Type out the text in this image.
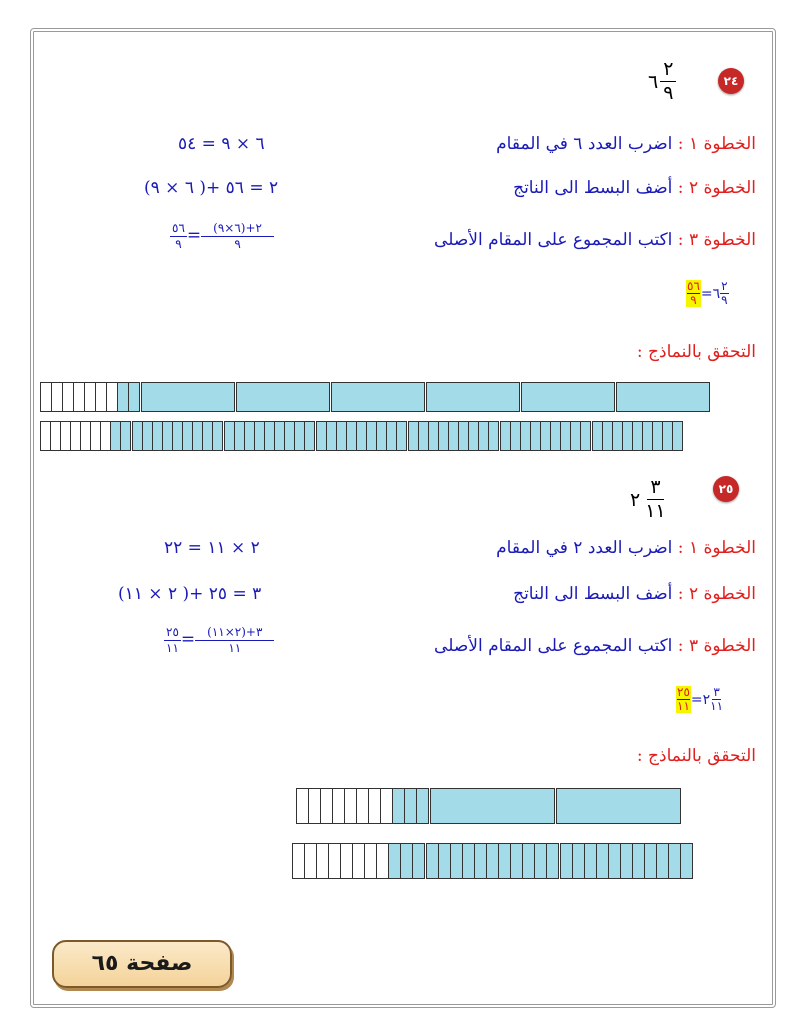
٢٤
٦ $\frac{٢}{٩}$
الخطوة ١ : اضرب العدد ٦ في المقام
٦ × ٩ = ٥٤
الخطوة ٢ : أضف البسط الى الناتج
(٦ × ٩ )+ ٢ = ٥٦
الخطوة ٣ : اكتب المجموع على المقام الأصلى
٥٦
٩ =	(٦×٩)+٢
٩
٥٦
٩ = ٦ ٢
٩
التحقق بالنماذج :
٢٥
٢ $\frac{٣}{١١}$
الخطوة ١ : اضرب العدد ٢ في المقام
٢ × ١١ = ٢٢
الخطوة ٢ : أضف البسط الى الناتج
(٢ × ١١ )+ ٣ = ٢٥
الخطوة ٣ : اكتب المجموع على المقام الأصلى
٢٥
١١ =	(٢×١١)+٣
١١
٢٥
١١ = ٢ ٣
١١
التحقق بالنماذج :
صفحة ٦٥
